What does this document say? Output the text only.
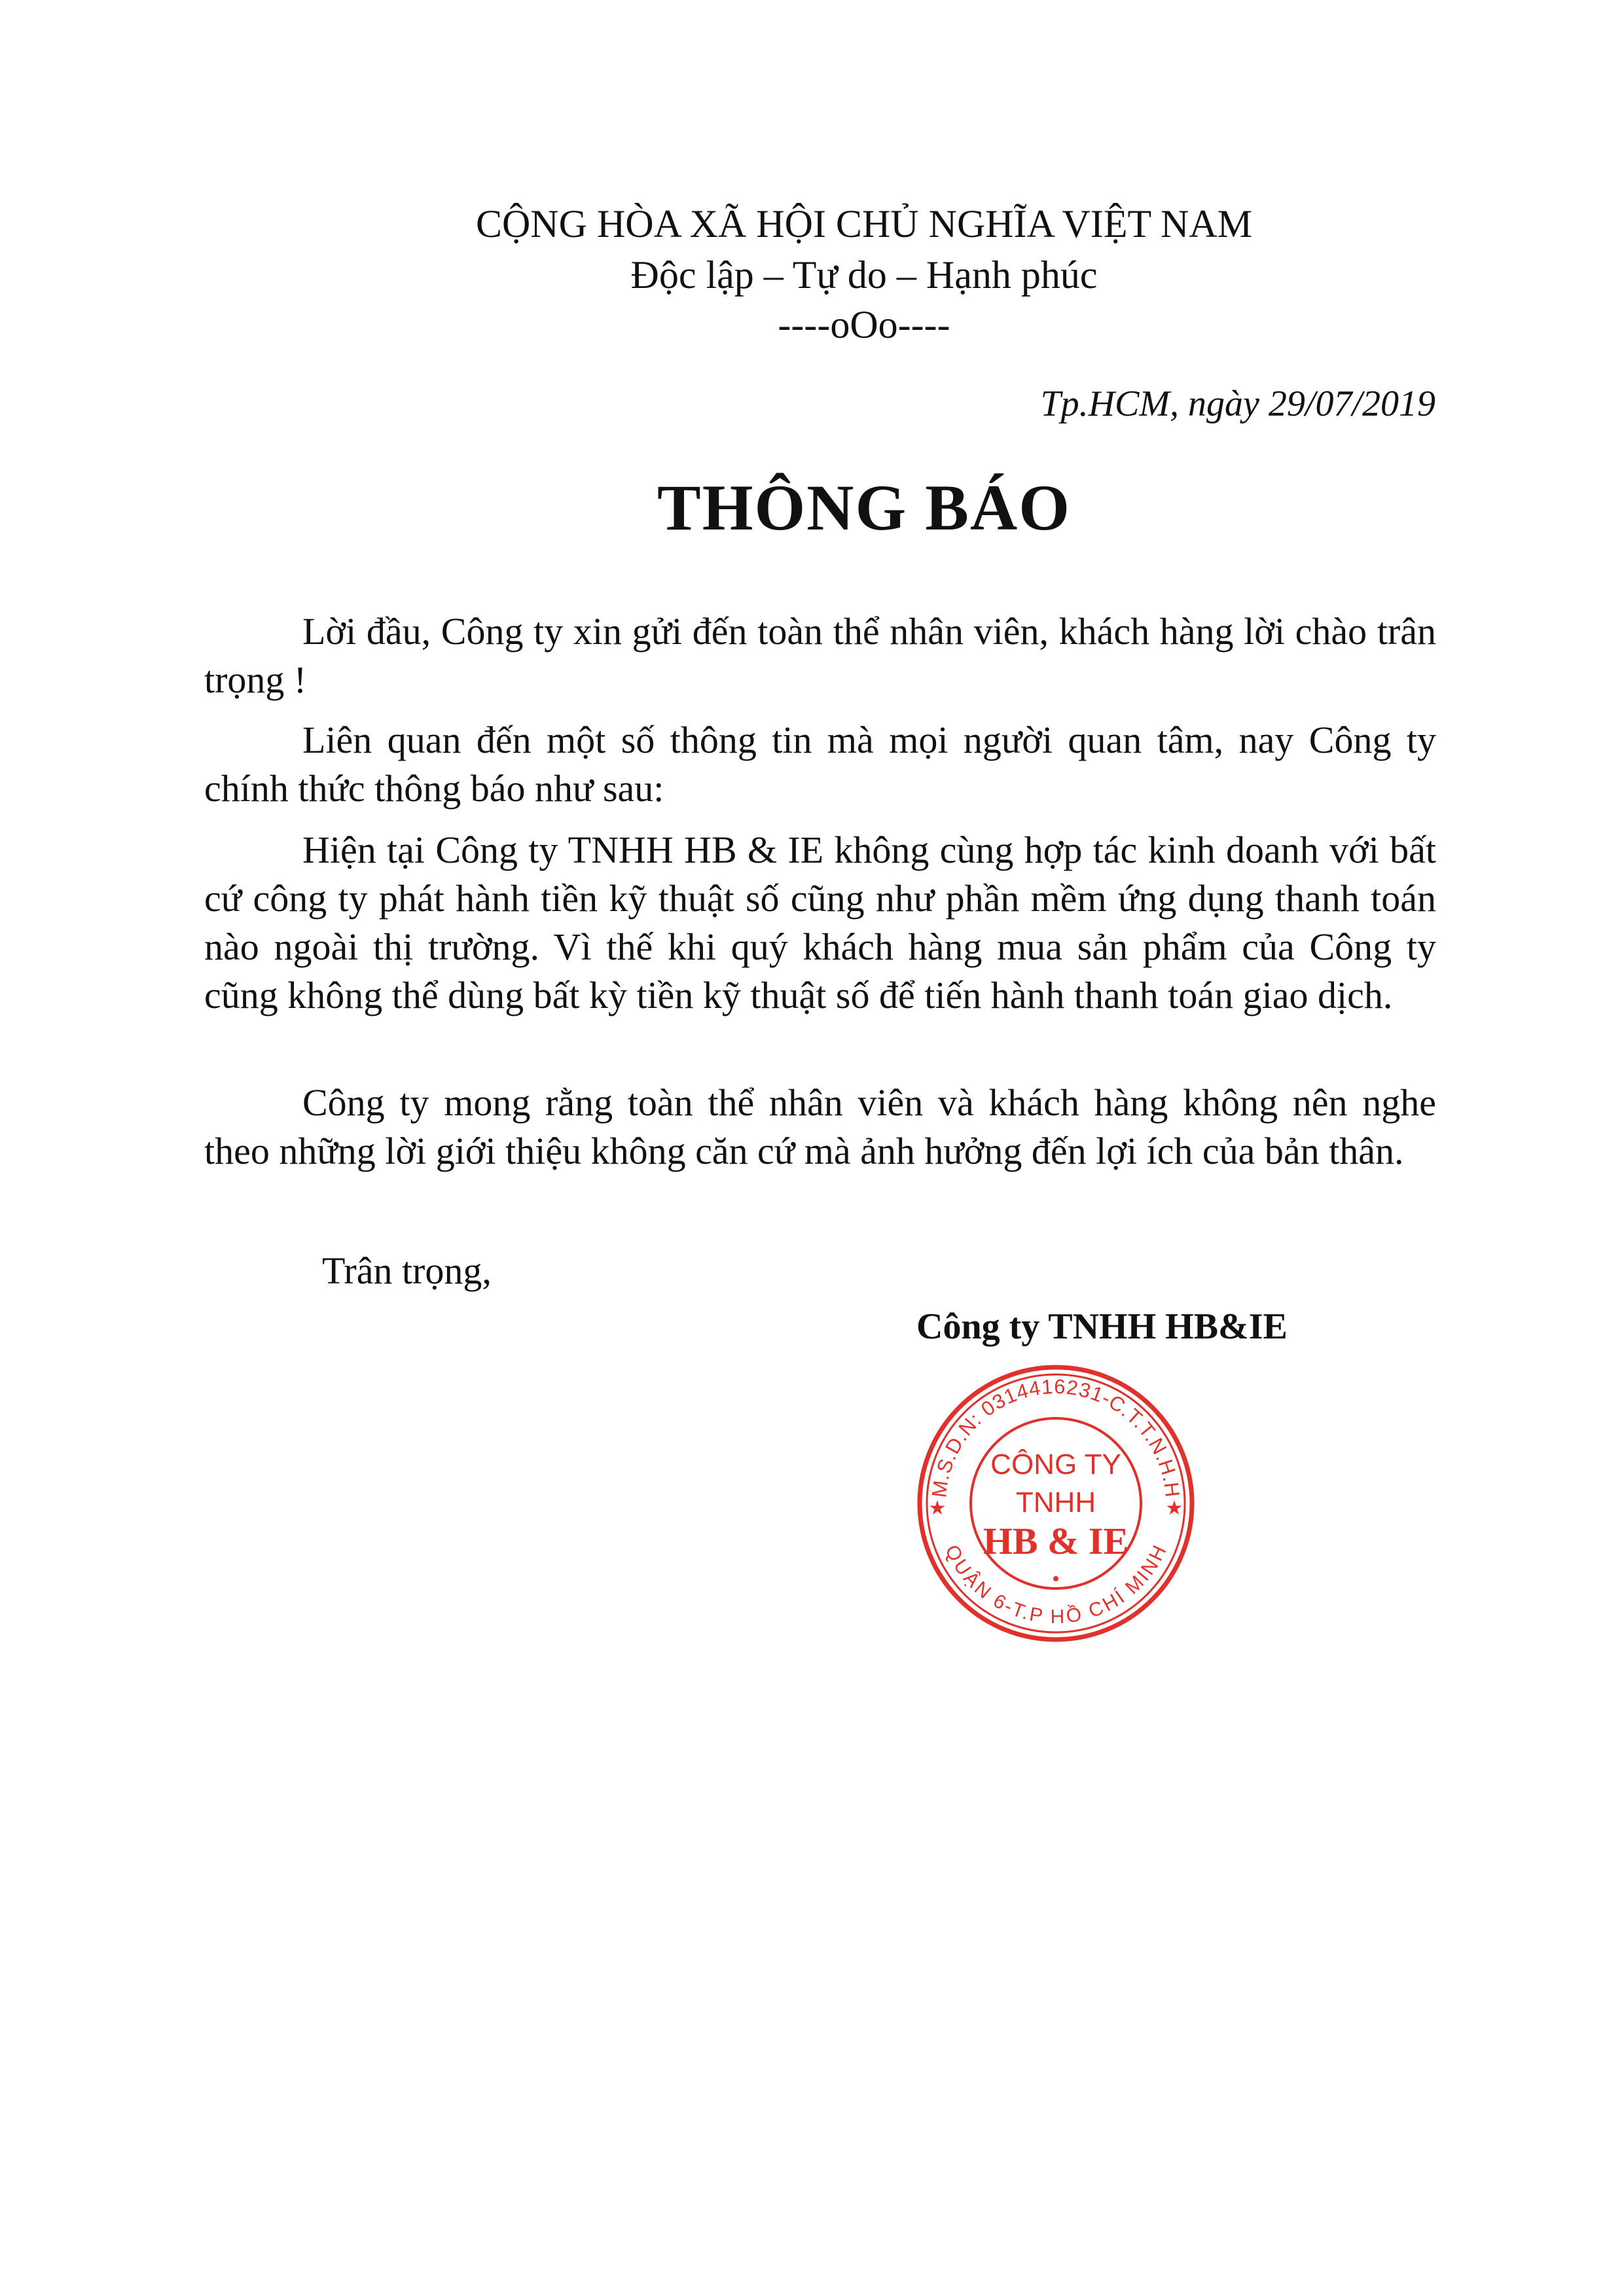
CỘNG HÒA XÃ HỘI CHỦ NGHĨA VIỆT NAM
Độc lập – Tự do – Hạnh phúc
----oOo----
Tp.HCM, ngày 29/07/2019
THÔNG BÁO
Lời đầu, Công ty xin gửi đến toàn thể nhân viên, khách hàng lời chào trân trọng !
Liên quan đến một số thông tin mà mọi người quan tâm, nay Công ty chính thức thông báo như sau:
Hiện tại Công ty TNHH HB & IE không cùng hợp tác kinh doanh với bất cứ công ty phát hành tiền kỹ thuật số cũng như phần mềm ứng dụng thanh toán nào ngoài thị trường. Vì thế khi quý khách hàng mua sản phẩm của Công ty cũng không thể dùng bất kỳ tiền kỹ thuật số để tiến hành thanh toán giao dịch.
Công ty mong rằng toàn thể nhân viên và khách hàng không nên nghe theo những lời giới thiệu không căn cứ mà ảnh hưởng đến lợi ích của bản thân.
Trân trọng,
Công ty TNHH HB&IE
M.S.D.N: 0314416231-C.T.T.N.H.H
QUẬN 6-T.P HỒ CHÍ MINH
★	★
CÔNG TY
TNHH
HB & IE
